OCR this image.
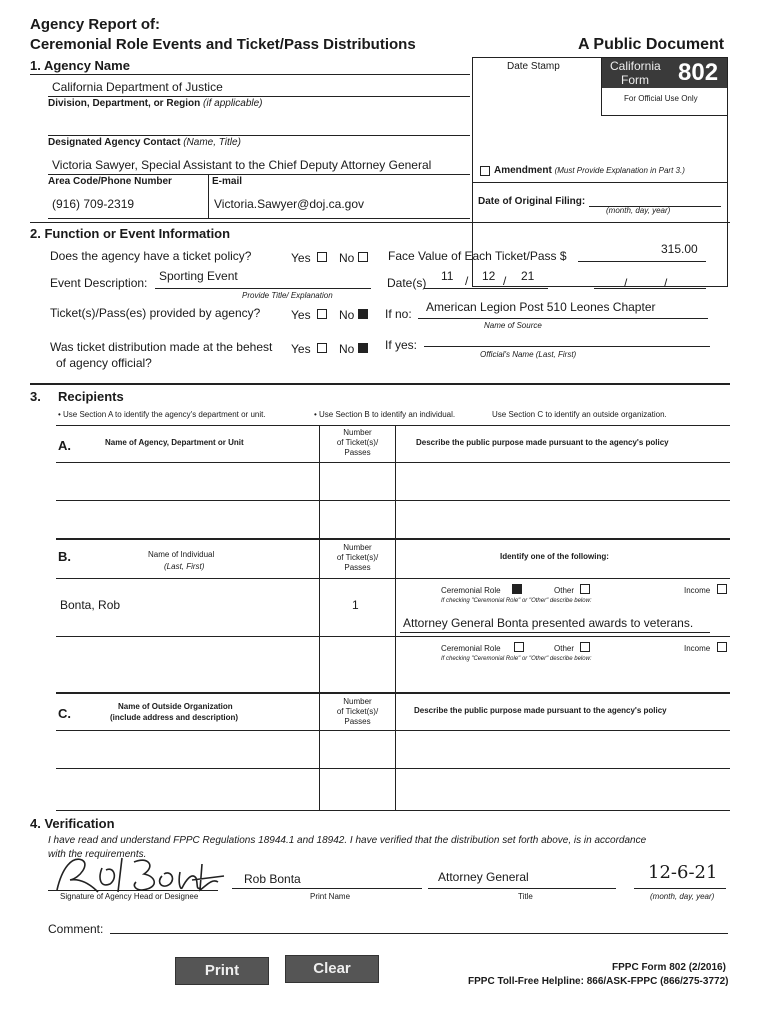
Agency Report of:
Ceremonial Role Events and Ticket/Pass Distributions	A Public Document
1. Agency Name
California Department of Justice
Division, Department, or Region (if applicable)
Date Stamp	California
Form	802
For Official Use Only
Designated Agency Contact (Name, Title)
Victoria Sawyer, Special Assistant to the Chief Deputy Attorney General
Area Code/Phone Number	E-mail
(916) 709-2319	Victoria.Sawyer@doj.ca.gov
Amendment (Must Provide Explanation in Part 3.)
Date of Original Filing:
(month, day, year)
2. Function or Event Information
Does the agency have a ticket policy?	Yes No	Face Value of Each Ticket/Pass $	315.00
Event Description: Sporting Event
Provide Title/ Explanation
Date(s) 11 / 12 / 21	/	/
Ticket(s)/Pass(es) provided by agency?	Yes No	If no: American Legion Post 510 Leones Chapter
Name of Source
Was ticket distribution made at the behest
of agency official?
Yes No	If yes:
Official's Name (Last, First)
3. Recipients
• Use Section A to identify the agency's department or unit.	• Use Section B to identify an individual.	Use Section C to identify an outside organization.
A.	Name of Agency, Department or Unit
Number
of Ticket(s)/
Passes
Describe the public purpose made pursuant to the agency's policy
B.	Name of Individual
(Last, First)
Number
of Ticket(s)/
Passes
Identify one of the following:
Bonta, Rob	1
Ceremonial Role	Other	Income
If checking "Ceremonial Role" or "Other" describe below:
Attorney General Bonta presented awards to veterans.
Ceremonial Role	Other	Income
If checking "Ceremonial Role" or "Other" describe below:
C.	Name of Outside Organization
(include address and description)
Number
of Ticket(s)/
Passes
Describe the public purpose made pursuant to the agency's policy
4. Verification
I have read and understand FPPC Regulations 18944.1 and 18942. I have verified that the distribution set forth above, is in accordance
with the requirements.
Signature of Agency Head or Designee
Rob Bonta
Print Name
Attorney General
Title
12-6-21
(month, day, year)
Comment:
Print	Clear	FPPC Form 802 (2/2016)
FPPC Toll-Free Helpline: 866/ASK-FPPC (866/275-3772)
